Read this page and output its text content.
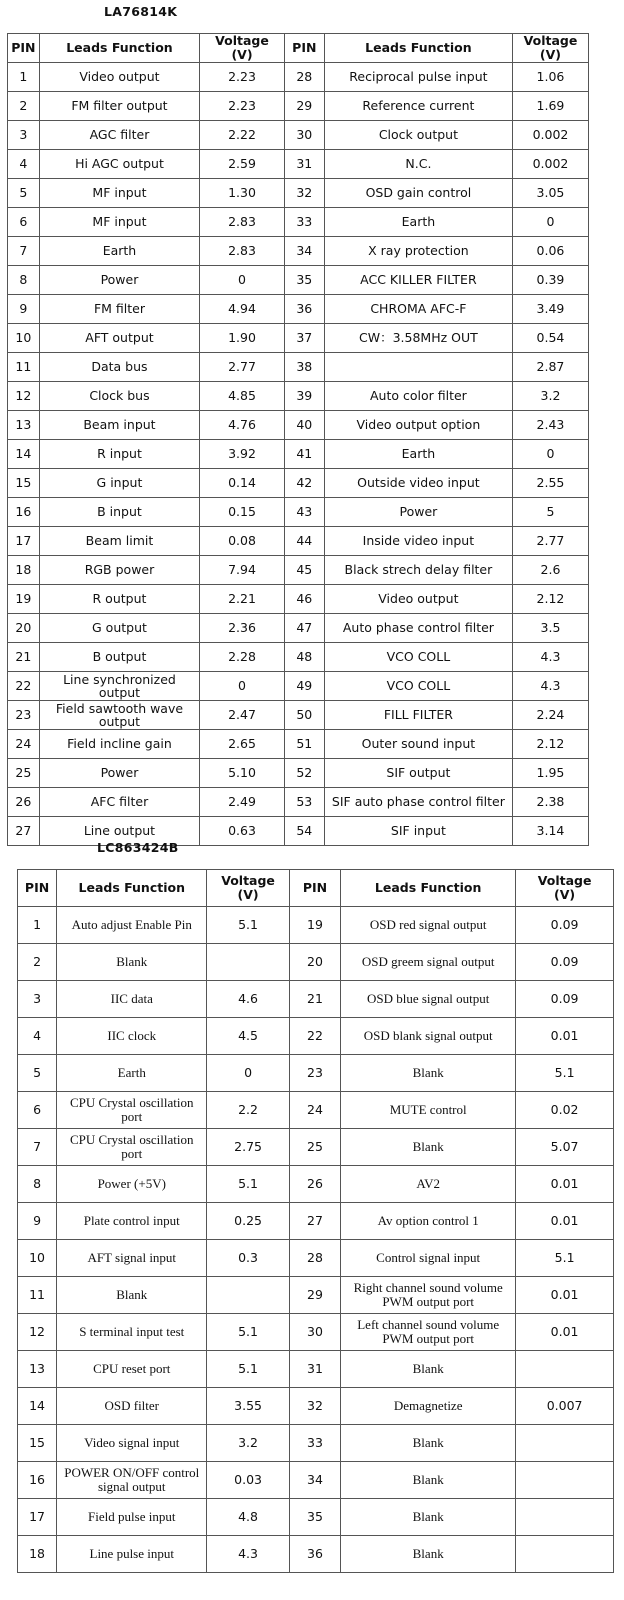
LA76814K
PIN	Leads Function	Voltage
(V)	PIN	Leads Function	Voltage
(V)
1	Video output	2.23	28	Reciprocal pulse input	1.06
2	FM filter output	2.23	29	Reference current	1.69
3	AGC filter	2.22	30	Clock output	0.002
4	Hi AGC output	2.59	31	N.C.	0.002
5	MF input	1.30	32	OSD gain control	3.05
6	MF input	2.83	33	Earth	0
7	Earth	2.83	34	X ray protection	0.06
8	Power	0	35	ACC KILLER FILTER	0.39
9	FM filter	4.94	36	CHROMA AFC-F	3.49
10	AFT output	1.90	37	CW：3.58MHz OUT	0.54
11	Data bus	2.77	38		2.87
12	Clock bus	4.85	39	Auto color filter	3.2
13	Beam input	4.76	40	Video output option	2.43
14	R input	3.92	41	Earth	0
15	G input	0.14	42	Outside video input	2.55
16	B input	0.15	43	Power	5
17	Beam limit	0.08	44	Inside video input	2.77
18	RGB power	7.94	45	Black strech delay filter	2.6
19	R output	2.21	46	Video output	2.12
20	G output	2.36	47	Auto phase control filter	3.5
21	B output	2.28	48	VCO COLL	4.3
22	Line synchronized output	0	49	VCO COLL	4.3
23	Field sawtooth wave output	2.47	50	FILL FILTER	2.24
24	Field incline gain	2.65	51	Outer sound input	2.12
25	Power	5.10	52	SIF output	1.95
26	AFC filter	2.49	53	SIF auto phase control filter	2.38
27	Line output	0.63	54	SIF input	3.14
LC863424B
PIN	Leads Function	Voltage
(V)	PIN	Leads Function	Voltage
(V)
1	Auto adjust Enable Pin	5.1	19	OSD red signal output	0.09
2	Blank		20	OSD greem signal output	0.09
3	IIC data	4.6	21	OSD blue signal output	0.09
4	IIC clock	4.5	22	OSD blank signal output	0.01
5	Earth	0	23	Blank	5.1
6	CPU Crystal oscillation port	2.2	24	MUTE control	0.02
7	CPU Crystal oscillation port	2.75	25	Blank	5.07
8	Power (+5V)	5.1	26	AV2	0.01
9	Plate control input	0.25	27	Av option control 1	0.01
10	AFT signal input	0.3	28	Control signal input	5.1
11	Blank		29	Right channel sound volume PWM output port	0.01
12	S terminal input test	5.1	30	Left channel sound volume PWM output port	0.01
13	CPU reset port	5.1	31	Blank	
14	OSD filter	3.55	32	Demagnetize	0.007
15	Video signal input	3.2	33	Blank	
16	POWER ON/OFF control signal output	0.03	34	Blank	
17	Field pulse input	4.8	35	Blank	
18	Line pulse input	4.3	36	Blank	
